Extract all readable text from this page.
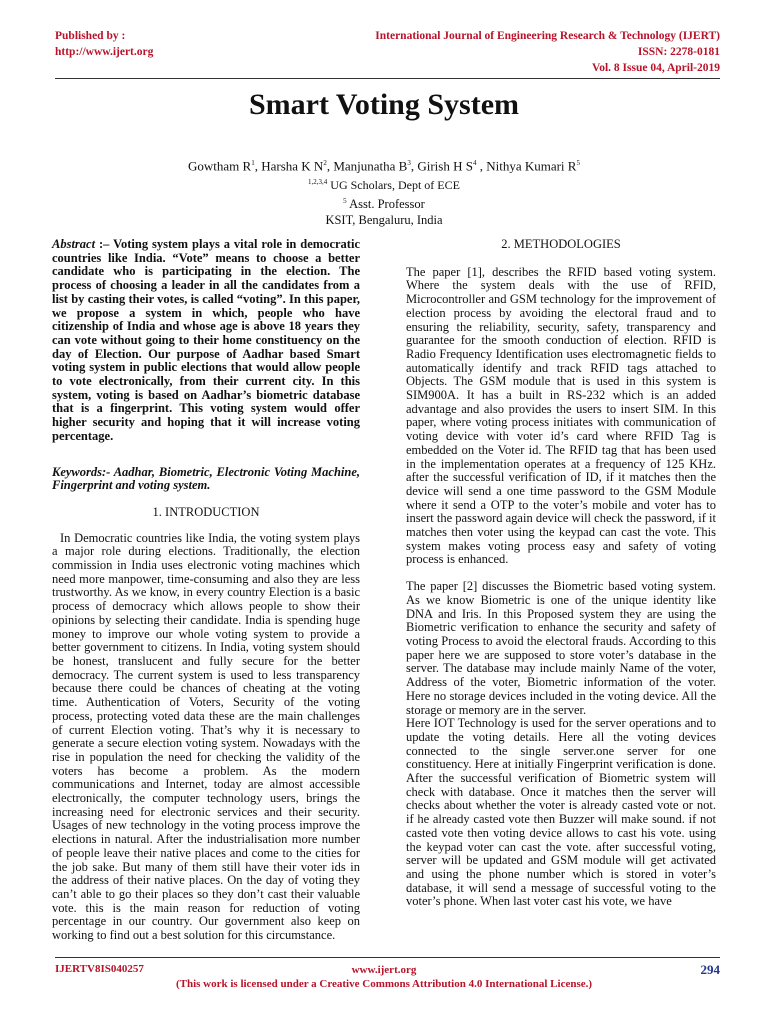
Published by :
http://www.ijert.org
International Journal of Engineering Research & Technology (IJERT)
ISSN: 2278-0181
Vol. 8 Issue 04, April-2019
Smart Voting System
Gowtham $R^1$, Harsha K $N^2$, Manjunatha $B^3$, Girish H $S^4$ , Nithya Kumari $R^5$
$^{1,2,3,4}$ UG Scholars, Dept of ECE
$^5$ Asst. Professor
KSIT, Bengaluru, India

Abstract :– Voting system plays a vital role in democratic countries like India. “Vote” means to choose a better candidate who is participating in the election. The process of choosing a leader in all the candidates from a list by casting their votes, is called “voting”. In this paper, we propose a system in which, people who have citizenship of India and whose age is above 18 years they can vote without going to their home constituency on the day of Election. Our purpose of Aadhar based Smart voting system in public elections that would allow people to vote electronically, from their current city. In this system, voting is based on Aadhar’s biometric database that is a fingerprint. This voting system would offer higher security and hoping that it will increase voting percentage.

Keywords:- Aadhar, Biometric, Electronic Voting Machine, Fingerprint and voting system.

1. INTRODUCTION

In Democratic countries like India, the voting system plays a major role during elections. Traditionally, the election commission in India uses electronic voting machines which need more manpower, time-consuming and also they are less trustworthy. As we know, in every country Election is a basic process of democracy which allows people to show their opinions by selecting their candidate. India is spending huge money to improve our whole voting system to provide a better government to citizens. In India, voting system should be honest, translucent and fully secure for the better democracy. The current system is used to less transparency because there could be chances of cheating at the voting time. Authentication of Voters, Security of the voting process, protecting voted data these are the main challenges of current Election voting. That’s why it is necessary to generate a secure election voting system. Nowadays with the rise in population the need for checking the validity of the voters has become a problem. As the modern communications and Internet, today are almost accessible electronically, the computer technology users, brings the increasing need for electronic services and their security. Usages of new technology in the voting process improve the elections in natural. After the industrialisation more number of people leave their native places and come to the cities for the job sake. But many of them still have their voter ids in the address of their native places. On the day of voting they can’t able to go their places so they don’t cast their valuable vote. this is the main reason for reduction of voting percentage in our country. Our government also keep on working to find out a best solution for this circumstance.

2. METHODOLOGIES

The paper [1], describes the RFID based voting system. Where the system deals with the use of RFID, Microcontroller and GSM technology for the improvement of election process by avoiding the electoral fraud and to ensuring the reliability, security, safety, transparency and guarantee for the smooth conduction of election. RFID is Radio Frequency Identification uses electromagnetic fields to automatically identify and track RFID tags attached to Objects. The GSM module that is used in this system is SIM900A. It has a built in RS-232 which is an added advantage and also provides the users to insert SIM. In this paper, where voting process initiates with communication of voting device with voter id’s card where RFID Tag is embedded on the Voter id. The RFID tag that has been used in the implementation operates at a frequency of 125 KHz. after the successful verification of ID, if it matches then the device will send a one time password to the GSM Module where it send a OTP to the voter’s mobile and voter has to insert the password again device will check the password, if it matches then voter using the keypad can cast the vote. This system makes voting process easy and safety of voting process is enhanced.

The paper [2] discusses the Biometric based voting system. As we know Biometric is one of the unique identity like DNA and Iris. In this Proposed system they are using the Biometric verification to enhance the security and safety of voting Process to avoid the electoral frauds. According to this paper here we are supposed to store voter’s database in the server. The database may include mainly Name of the voter, Address of the voter, Biometric information of the voter. Here no storage devices included in the voting device. All the storage or memory are in the server.

Here IOT Technology is used for the server operations and to update the voting details. Here all the voting devices connected to the single server.one server for one constituency. Here at initially Fingerprint verification is done. After the successful verification of Biometric system will check with database. Once it matches then the server will checks about whether the voter is already casted vote or not. if he already casted vote then Buzzer will make sound. if not casted vote then voting device allows to cast his vote. using the keypad voter can cast the vote. after successful voting, server will be updated and GSM module will get activated and using the phone number which is stored in voter’s database, it will send a message of successful voting to the voter’s phone. When last voter cast his vote, we have

IJERTV8IS040257	www.ijert.org
(This work is licensed under a Creative Commons Attribution 4.0 International License.)
294
